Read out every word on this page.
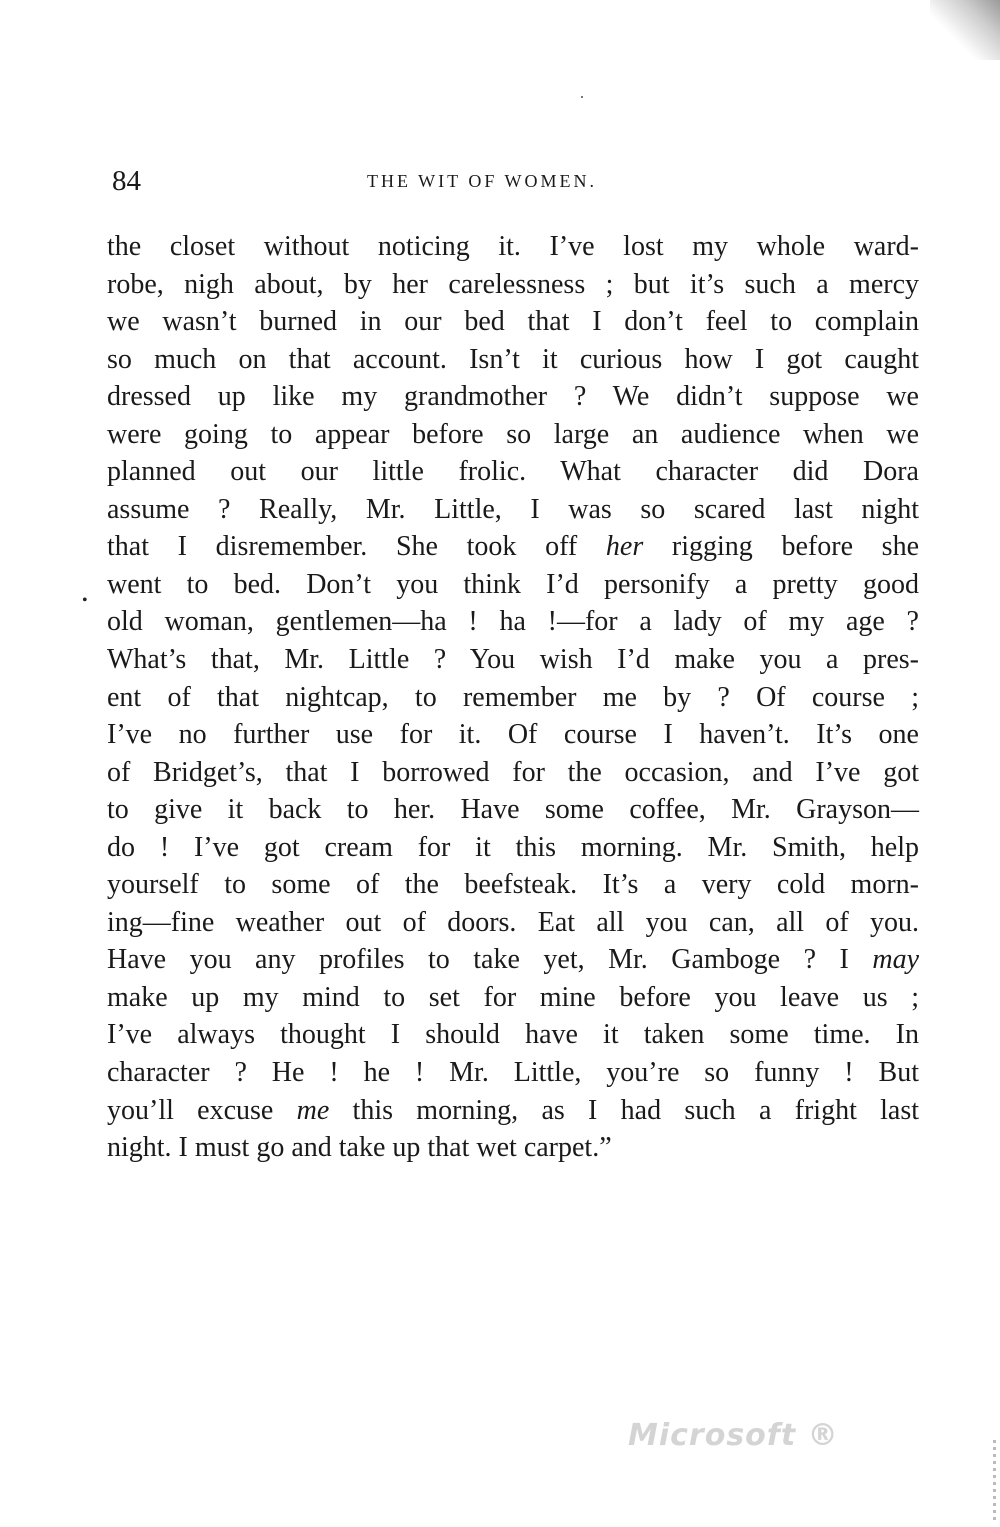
84	THE WIT OF WOMEN.
•
the closet without noticing it. I’ve lost my whole ward-
robe, nigh about, by her carelessness ; but it’s such a mercy
we wasn’t burned in our bed that I don’t feel to complain
so much on that account. Isn’t it curious how I got caught
dressed up like my grandmother ? We didn’t suppose we
were going to appear before so large an audience when we
planned out our little frolic. What character did Dora
assume ? Really, Mr. Little, I was so scared last night
that I disremember. She took off her rigging before she
went to bed. Don’t you think I’d personify a pretty good
old woman, gentlemen—ha ! ha !—for a lady of my age ?
What’s that, Mr. Little ? You wish I’d make you a pres-
ent of that nightcap, to remember me by ? Of course ;
I’ve no further use for it. Of course I haven’t. It’s one
of Bridget’s, that I borrowed for the occasion, and I’ve got
to give it back to her. Have some coffee, Mr. Grayson—
do ! I’ve got cream for it this morning. Mr. Smith, help
yourself to some of the beefsteak. It’s a very cold morn-
ing—fine weather out of doors. Eat all you can, all of you.
Have you any profiles to take yet, Mr. Gamboge ? I may
make up my mind to set for mine before you leave us ;
I’ve always thought I should have it taken some time. In
character ? He ! he ! Mr. Little, you’re so funny ! But
you’ll excuse me this morning, as I had such a fright last
night. I must go and take up that wet carpet.”
Microsoft ®
